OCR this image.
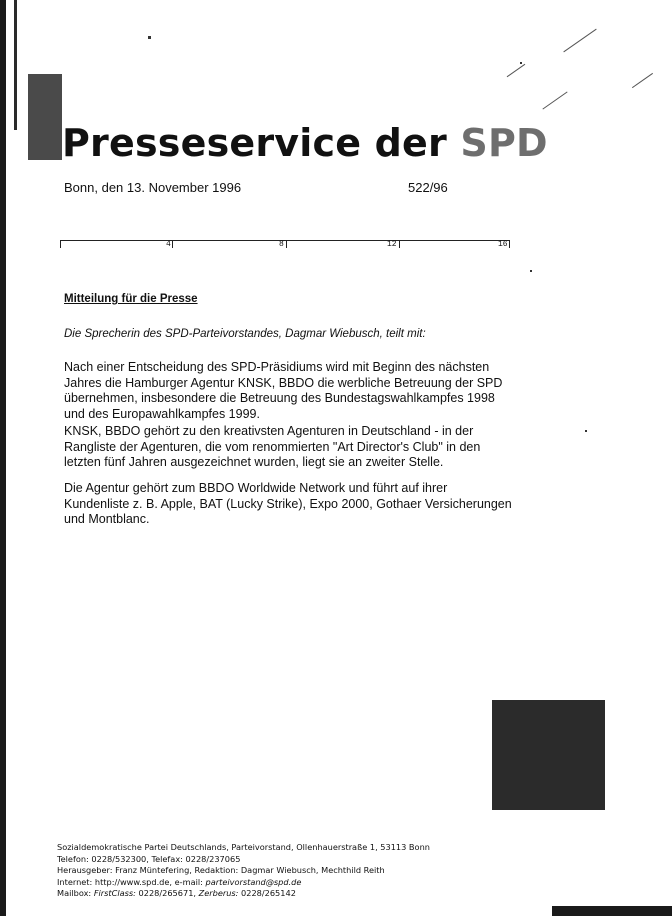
Presseservice der SPD
Bonn, den 13. November 1996	522/96
4	8	12	16
Mitteilung für die Presse
Die Sprecherin des SPD-Parteivorstandes, Dagmar Wiebusch, teilt mit:

Nach einer Entscheidung des SPD-Präsidiums wird mit Beginn des nächsten Jahres die Hamburger Agentur KNSK, BBDO die werbliche Betreuung der SPD übernehmen, insbesondere die Betreuung des Bundestagswahlkampfes 1998 und des Europawahlkampfes 1999.

KNSK, BBDO gehört zu den kreativsten Agenturen in Deutschland - in der Rangliste der Agenturen, die vom renommierten "Art Director's Club" in den letzten fünf Jahren ausgezeichnet wurden, liegt sie an zweiter Stelle.

Die Agentur gehört zum BBDO Worldwide Network und führt auf ihrer Kundenliste z. B. Apple, BAT (Lucky Strike), Expo 2000, Gothaer Versicherungen und Montblanc.

Sozialdemokratische Partei Deutschlands, Parteivorstand, Ollenhauerstraße 1, 53113 Bonn
Telefon: 0228/532300, Telefax: 0228/237065
Herausgeber: Franz Müntefering, Redaktion: Dagmar Wiebusch, Mechthild Reith
Internet: http://www.spd.de, e-mail: parteivorstand@spd.de
Mailbox: FirstClass: 0228/265671, Zerberus: 0228/265142
